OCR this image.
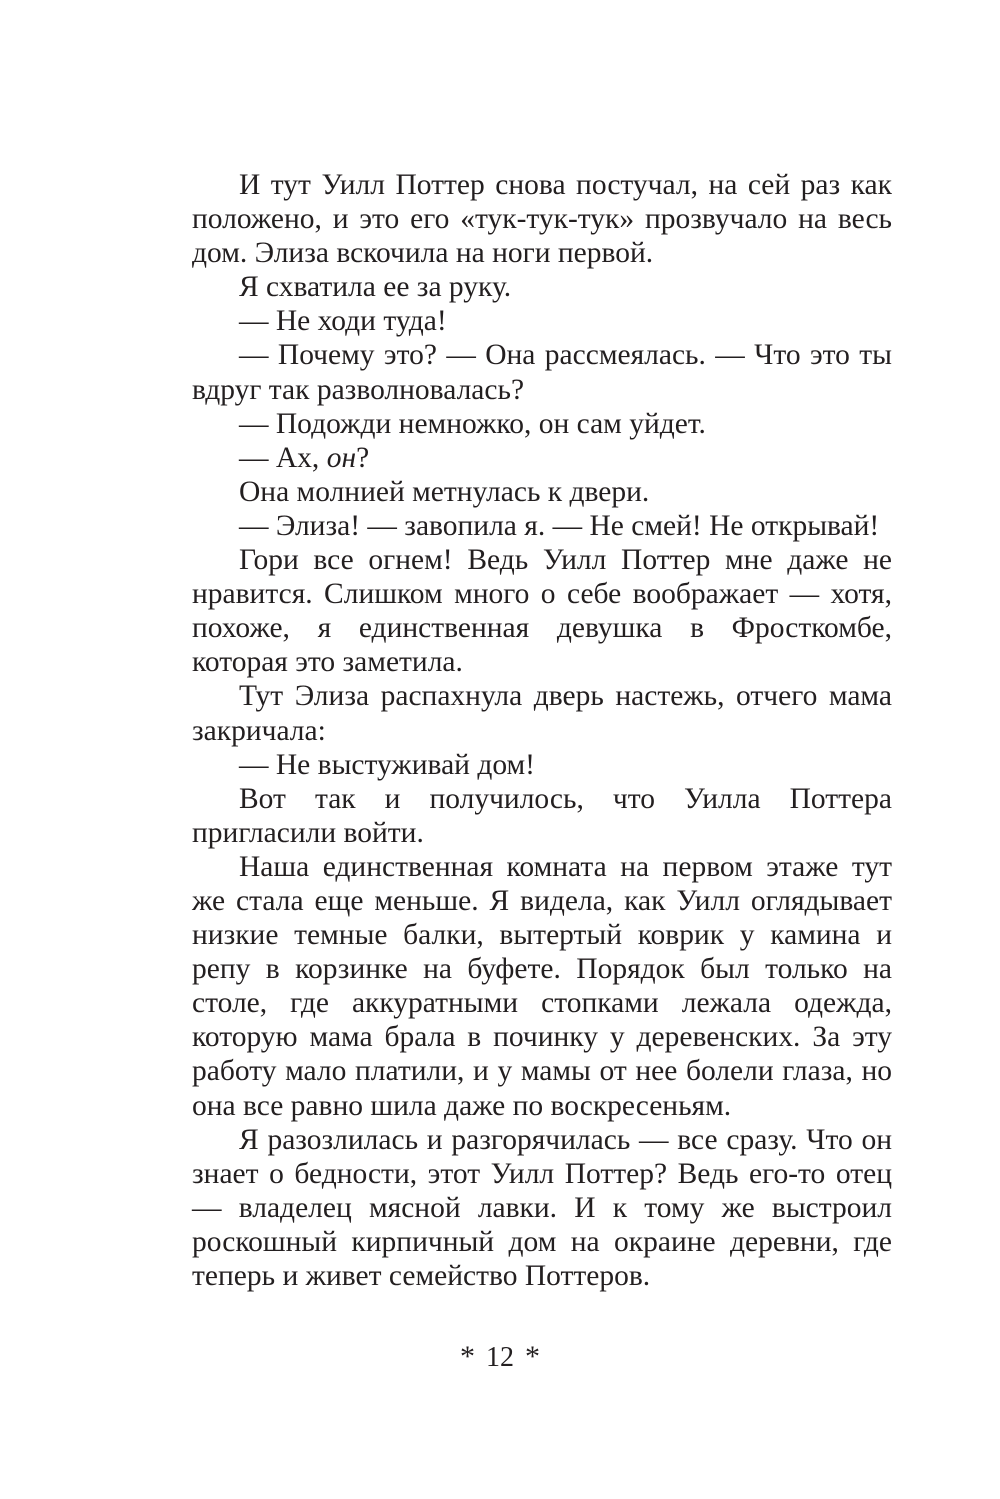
И тут Уилл Поттер снова постучал, на сей раз как положено, и это его «тук-тук-тук» прозвучало на весь дом. Элиза вскочила на ноги первой.

Я схватила ее за руку.

— Не ходи туда!

— Почему это? — Она рассмеялась. — Что это ты вдруг так разволновалась?

— Подожди немножко, он сам уйдет.

— Ах, он?

Она молнией метнулась к двери.

— Элиза! — завопила я. — Не смей! Не открывай!

Гори все огнем! Ведь Уилл Поттер мне даже не нравится. Слишком много о себе воображает — хотя, похоже, я единственная девушка в Фросткомбе, которая это заметила.

Тут Элиза распахнула дверь настежь, отчего мама закричала:

— Не выстуживай дом!

Вот так и получилось, что Уилла Поттера пригласили войти.

Наша единственная комната на первом этаже тут же стала еще меньше. Я видела, как Уилл оглядывает низкие темные балки, вытертый коврик у камина и репу в корзинке на буфете. Порядок был только на столе, где аккуратными стопками лежала одежда, которую мама брала в починку у деревенских. За эту работу мало платили, и у мамы от нее болели глаза, но она все равно шила даже по воскресеньям.

Я разозлилась и разгорячилась — все сразу. Что он знает о бедности, этот Уилл Поттер? Ведь его-то отец — владелец мясной лавки. И к тому же выстроил роскошный кирпичный дом на окраине деревни, где теперь и живет семейство Поттеров.

* 12 *
